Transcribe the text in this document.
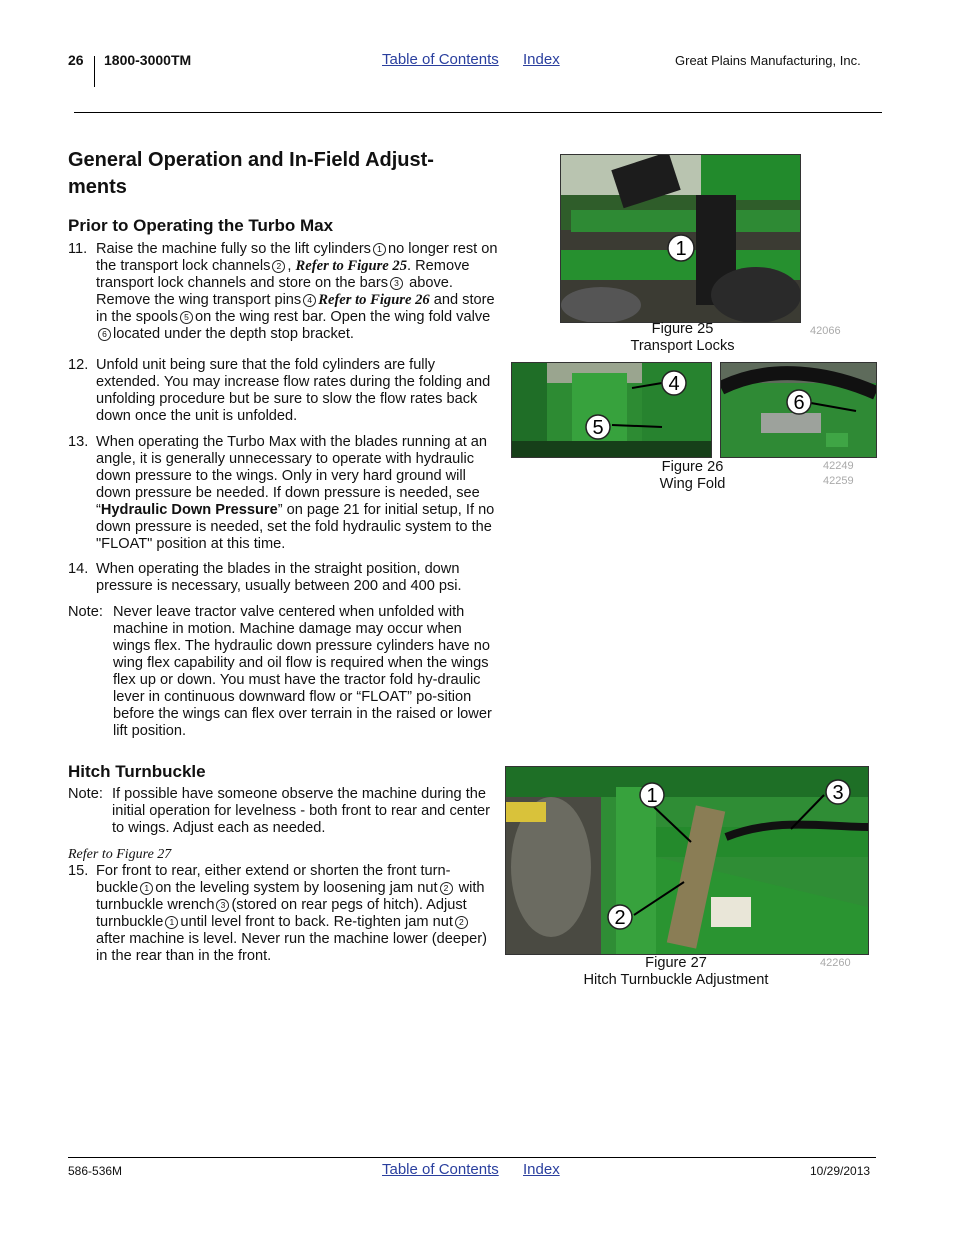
26 1800-3000TM	Table of Contents Index	Great Plains Manufacturing, Inc.
General Operation and In-Field Adjust-
ments
Prior to Operating the Turbo Max
11. Raise the machine fully so the lift cylinders 1 no longer rest on the transport lock channels 2 , Refer to Figure 25. Remove transport lock channels and store on the bars 3 above. Remove the wing transport pins 4 Refer to Figure 26 and store in the spools 5 on the wing rest bar. Open the wing fold valve6 located under the depth stop bracket.
12. Unfold unit being sure that the fold cylinders are fully extended. You may increase flow rates during the folding and unfolding procedure but be sure to slow the flow rates back down once the unit is unfolded.
13. When operating the Turbo Max with the blades running at an angle, it is generally unnecessary to operate with hydraulic down pressure to the wings. Only in very hard ground will down pressure be needed. If down pressure is needed, see “Hydraulic Down Pressure” on page 21 for initial setup, If no down pressure is needed, set the fold hydraulic system to the "FLOAT" position at this time.
14. When operating the blades in the straight position, down pressure is necessary, usually between 200 and 400 psi.
Note: Never leave tractor valve centered when unfolded with machine in motion. Machine damage may occur when wings flex. The hydraulic down pressure cylinders have no wing flex capability and oil flow is required when the wings flex up or down. You must have the tractor fold hy-draulic lever in continuous downward flow or “FLOAT” po-sition before the wings can flex over terrain in the raised or lower lift position.
Hitch Turnbuckle
Note: If possible have someone observe the machine during the initial operation for levelness - both front to rear and center to wings. Adjust each as needed.
Refer to Figure 27
15. For front to rear, either extend or shorten the front turn-buckle 1 on the leveling system by loosening jam nut 2 with turnbuckle wrench 3 (stored on rear pegs of hitch). Adjust turnbuckle 1 until level front to back. Re-tighten jam nut 2after machine is level. Never run the machine lower (deeper) in the rear than in the front.
1
Figure 25
Transport Locks
42066
4
5
6
Figure 26
Wing Fold
42249
42259
1
2
3
Figure 27
Hitch Turnbuckle Adjustment
42260
586-536M	Table of Contents Index	10/29/2013
